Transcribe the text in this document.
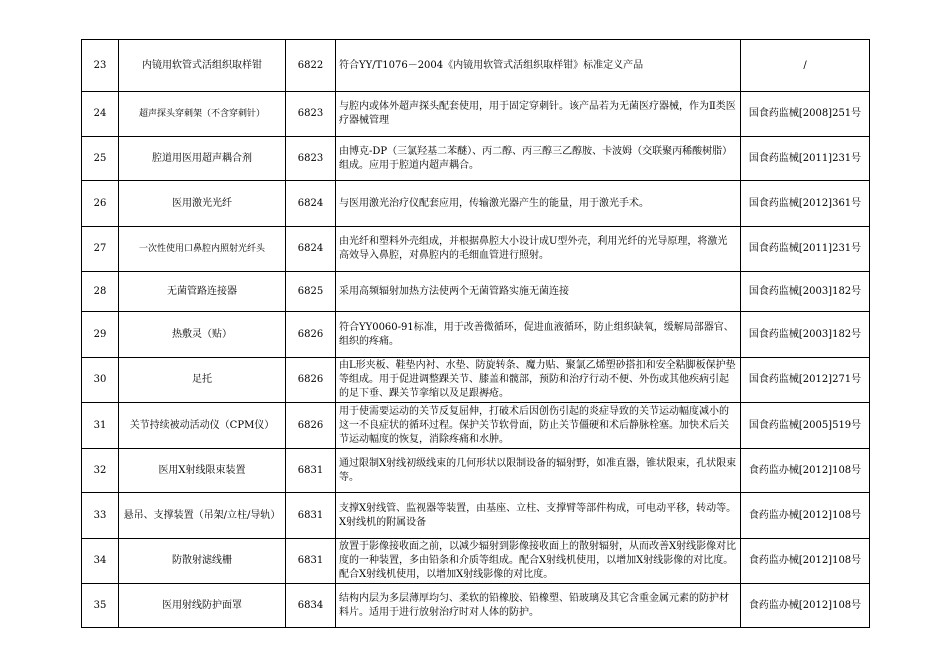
23	内镜用软管式活组织取样钳	6822	符合YY/T1076－2004《内镜用软管式活组织取样钳》标准定义产品	/
24	超声探头穿刺架（不含穿刺针）	6823	与腔内或体外超声探头配套使用，用于固定穿刺针。该产品若为无菌医疗器械，作为Ⅱ类医疗器械管理	国食药监械[2008]251号
25	腔道用医用超声耦合剂	6823	由博克-DP（三氯羟基二苯醚）、丙二醇、丙三醇三乙醇胺、卡波姆（交联聚丙稀酸树脂）组成。应用于腔道内超声耦合。	国食药监械[2011]231号
26	医用激光光纤	6824	与医用激光治疗仪配套应用，传输激光器产生的能量，用于激光手术。	国食药监械[2012]361号
27	一次性使用口鼻腔内照射光纤头	6824	由光纤和塑料外壳组成，并根据鼻腔大小设计成U型外壳，利用光纤的光导原理，将激光高效导入鼻腔，对鼻腔内的毛细血管进行照射。	国食药监械[2011]231号
28	无菌管路连接器	6825	采用高频辐射加热方法使两个无菌管路实施无菌连接	国食药监械[2003]182号
29	热敷灵（贴）	6826	符合YY0060-91标准，用于改善微循环，促进血液循环，防止组织缺氧，缓解局部器官、组织的疼痛。	国食药监械[2003]182号
30	足托	6826	由L形夹板、鞋垫内衬、水垫、防旋转条、魔力贴、聚氯乙烯塑砂搭扣和安全粘脚板保护垫等组成。用于促进调整踝关节、膝盖和髋部，预防和治疗行动不便、外伤或其他疾病引起的足下垂、踝关节挛缩以及足跟褥疮。	国食药监械[2012]271号
31	关节持续被动活动仪（CPM仪）	6826	用于使需要运动的关节反复屈伸，打破术后因创伤引起的炎症导致的关节运动幅度减小的这一不良症状的循环过程。保护关节软骨面，防止关节僵硬和术后静脉栓塞。加快术后关节运动幅度的恢复，消除疼痛和水肿。	国食药监械[2005]519号
32	医用X射线限束装置	6831	通过限制X射线初级线束的几何形状以限制设备的辐射野，如准直器，锥状限束，孔状限束等。	食药监办械[2012]108号
33	悬吊、支撑装置（吊架/立柱/导轨）	6831	支撑X射线管、监视器等装置，由基座、立柱、支撑臂等部件构成，可电动平移，转动等。X射线机的附属设备	食药监办械[2012]108号
34	防散射滤线栅	6831	放置于影像接收面之前，以减少辐射到影像接收面上的散射辐射，从而改善X射线影像对比度的一种装置，多由铅条和介质等组成。配合X射线机使用，以增加X射线影像的对比度。配合X射线机使用，以增加X射线影像的对比度。	食药监办械[2012]108号
35	医用射线防护面罩	6834	结构内层为多层薄厚均匀、柔软的铅橡胶、铅橡塑、铅玻璃及其它含重金属元素的防护材料片。适用于进行放射治疗时对人体的防护。	食药监办械[2012]108号
